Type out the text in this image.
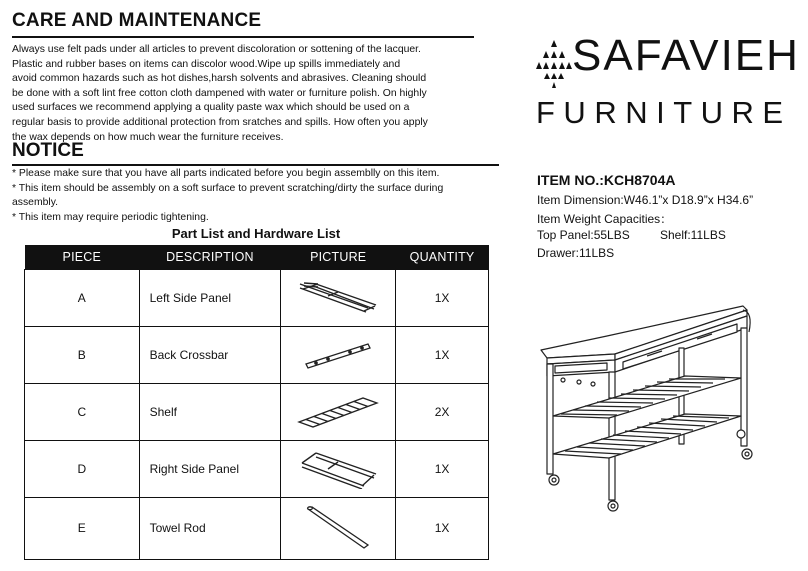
CARE AND MAINTENANCE
Always use felt pads under all articles to prevent discoloration or sottening of the lacquer.
Plastic and rubber bases on items can discolor wood.Wipe up spills immediately and
avoid common hazards such as hot dishes,harsh solvents and abrasives. Cleaning should
be done with a soft lint free cotton cloth dampened with water or furniture polish. On highly
used surfaces we recommend applying a quality paste wax which should be used on a
regular basis to provide additional protection from sratches and spills. How often you apply
the wax depends on how much wear the furniture receives.
NOTICE
* Please make sure that you have all parts indicated before you begin assemblly on this item.
* This item should be assembly on a soft surface to prevent scratching/dirty the surface during
assembly.
* This item may require periodic tightening.
Part List and Hardware List
PIECE	DESCRIPTION	PICTURE	QUANTITY
A	Left Side Panel		1X
B	Back Crossbar		1X
C	Shelf		2X
D	Right Side Panel		1X
E	Towel Rod		1X
SAFAVIEH
FURNITURE
ITEM NO.:KCH8704A
Item Dimension:W46.1”x D18.9”x H34.6”
Item Weight Capacities：
Top Panel:55LBS	Shelf:11LBS
Drawer:11LBS
